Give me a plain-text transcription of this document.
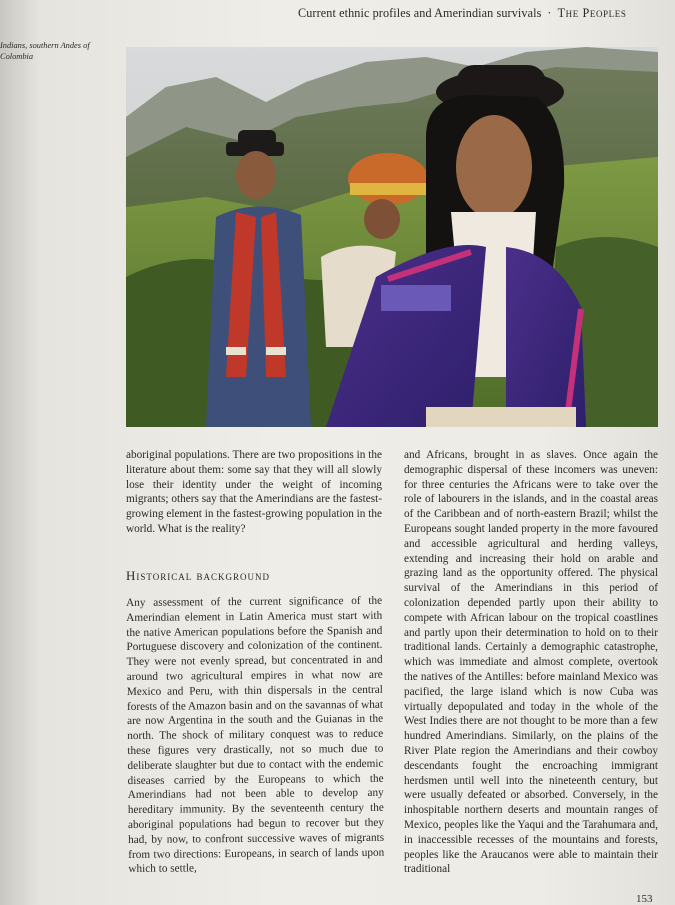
Current ethnic profiles and Amerindian survivals · The Peoples
Indians, southern Andes of Colombia

aboriginal populations. There are two propositions in the literature about them: some say that they will all slowly lose their identity under the weight of incoming migrants; others say that the Amerindians are the fastest-growing element in the fastest-growing population in the world. What is the reality?

Historical background

Any assessment of the current significance of the Amerindian element in Latin America must start with the native American populations before the Spanish and Portuguese discovery and colonization of the continent. They were not evenly spread, but concentrated in and around two agricultural empires in what now are Mexico and Peru, with thin dispersals in the central forests of the Amazon basin and on the savannas of what are now Argentina in the south and the Guianas in the north. The shock of military conquest was to reduce these figures very drastically, not so much due to deliberate slaughter but due to contact with the endemic diseases carried by the Europeans to which the Amerindians had not been able to develop any hereditary immunity. By the seventeenth century the aboriginal populations had begun to recover but they had, by now, to confront successive waves of migrants from two directions: Europeans, in search of lands upon which to settle,

and Africans, brought in as slaves. Once again the demographic dispersal of these incomers was uneven: for three centuries the Africans were to take over the role of labourers in the islands, and in the coastal areas of the Caribbean and of north-eastern Brazil; whilst the Europeans sought landed property in the more favoured and accessible agricultural and herding valleys, extending and increasing their hold on arable and grazing land as the opportunity offered. The physical survival of the Amerindians in this period of colonization depended partly upon their ability to compete with African labour on the tropical coastlines and partly upon their determination to hold on to their traditional lands. Certainly a demographic catastrophe, which was immediate and almost complete, overtook the natives of the Antilles: before mainland Mexico was pacified, the large island which is now Cuba was virtually depopulated and today in the whole of the West Indies there are not thought to be more than a few hundred Amerindians. Similarly, on the plains of the River Plate region the Amerindians and their cowboy descendants fought the encroaching immigrant herdsmen until well into the nineteenth century, but were usually defeated or absorbed. Conversely, in the inhospitable northern deserts and mountain ranges of Mexico, peoples like the Yaqui and the Tarahumara and, in inaccessible recesses of the mountains and forests, peoples like the Araucanos were able to maintain their traditional

153
